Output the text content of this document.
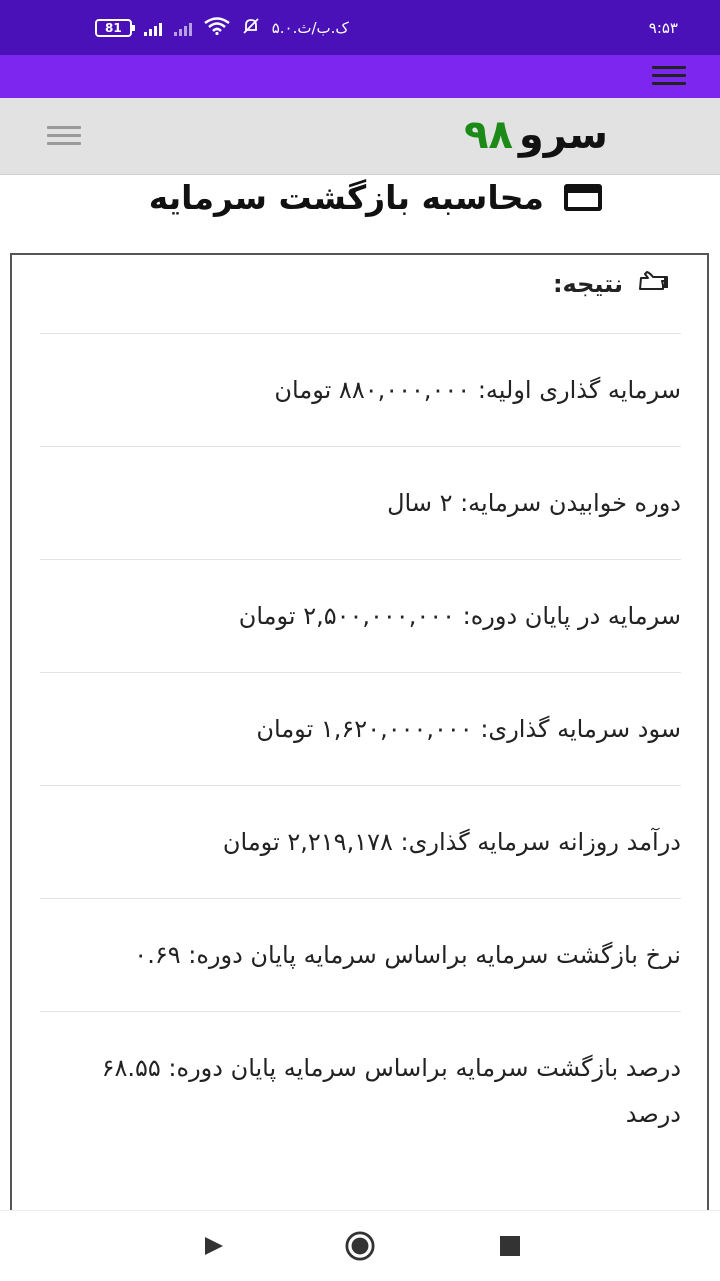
81	۵.۰.ک.ب/ث	۹:۵۳
سرو۹۸
محاسبه بازگشت سرمایه
نتیجه:
سرمایه گذاری اولیه: ۸۸۰,۰۰۰,۰۰۰ تومان
دوره خوابیدن سرمایه: ۲ سال
سرمایه در پایان دوره: ۲,۵۰۰,۰۰۰,۰۰۰ تومان
سود سرمایه گذاری: ۱,۶۲۰,۰۰۰,۰۰۰ تومان
درآمد روزانه سرمایه گذاری: ۲,۲۱۹,۱۷۸ تومان
نرخ بازگشت سرمایه براساس سرمایه پایان دوره: ۰.۶۹
درصد بازگشت سرمایه براساس سرمایه پایان دوره: ۶۸.۵۵ درصد
